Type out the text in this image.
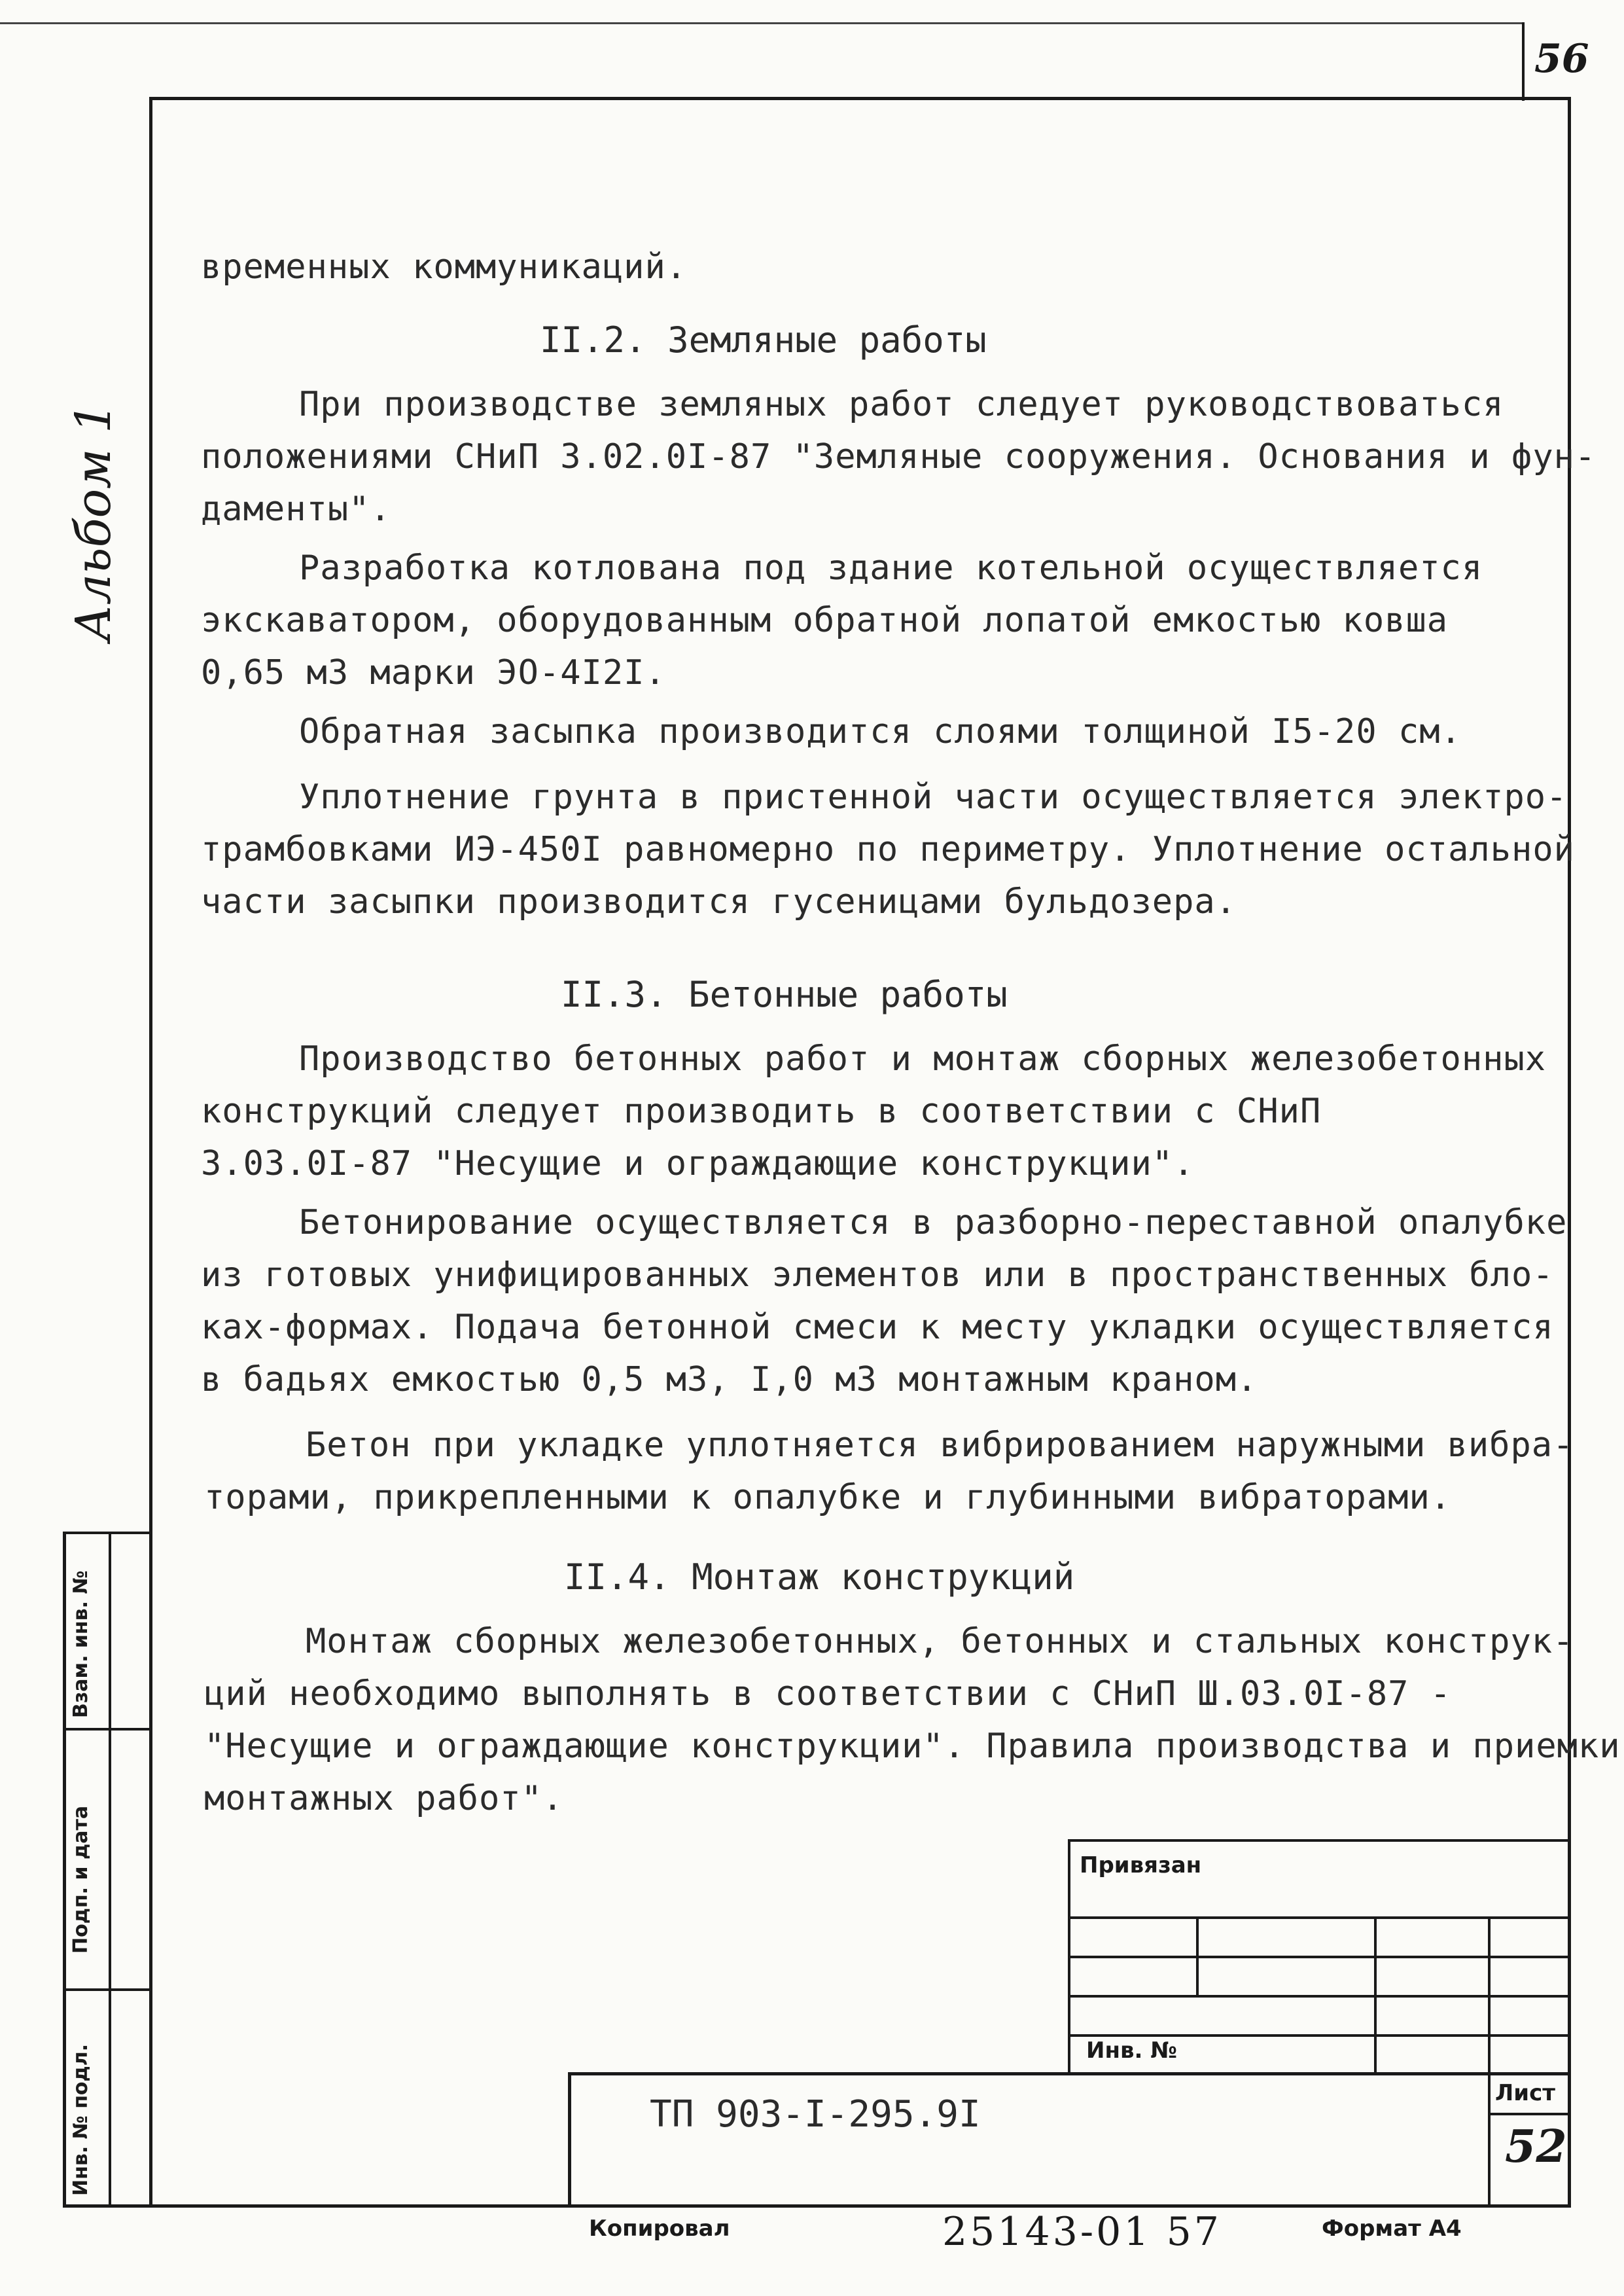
56
Альбом 1
Взам. инв. №
Подп. и дата
Инв. № подл.
временных коммуникаций.
II.2. Земляные работы
При производстве земляных работ следует руководствоваться
положениями СНиП 3.02.0I-87 "Земляные сооружения. Основания и фун-
даменты".
Разработка котлована под здание котельной осуществляется
экскаватором, оборудованным обратной лопатой емкостью ковша
0,65 м3 марки ЭО-4I2I.
Обратная засыпка производится слоями толщиной I5-20 см.
Уплотнение грунта в пристенной части осуществляется электро-
трамбовками ИЭ-450I равномерно по периметру. Уплотнение остальной
части засыпки производится гусеницами бульдозера.
II.3. Бетонные работы
Производство бетонных работ и монтаж сборных железобетонных
конструкций следует производить в соответствии с СНиП
3.03.0I-87 "Несущие и ограждающие конструкции".
Бетонирование осуществляется в разборно-переставной опалубке
из готовых унифицированных элементов или в пространственных бло-
ках-формах. Подача бетонной смеси к месту укладки осуществляется
в бадьях емкостью 0,5 м3, I,0 м3 монтажным краном.
Бетон при укладке уплотняется вибрированием наружными вибра-
торами, прикрепленными к опалубке и глубинными вибраторами.
II.4. Монтаж конструкций
Монтаж сборных железобетонных, бетонных и стальных конструк-
ций необходимо выполнять в соответствии с СНиП Ш.03.0I-87 -
"Несущие и ограждающие конструкции". Правила производства и приемки
монтажных работ".
Привязан
Инв. №
ТП 903-I-295.9I	Лист
52
Копировал	25143-01 57	Формат А4
